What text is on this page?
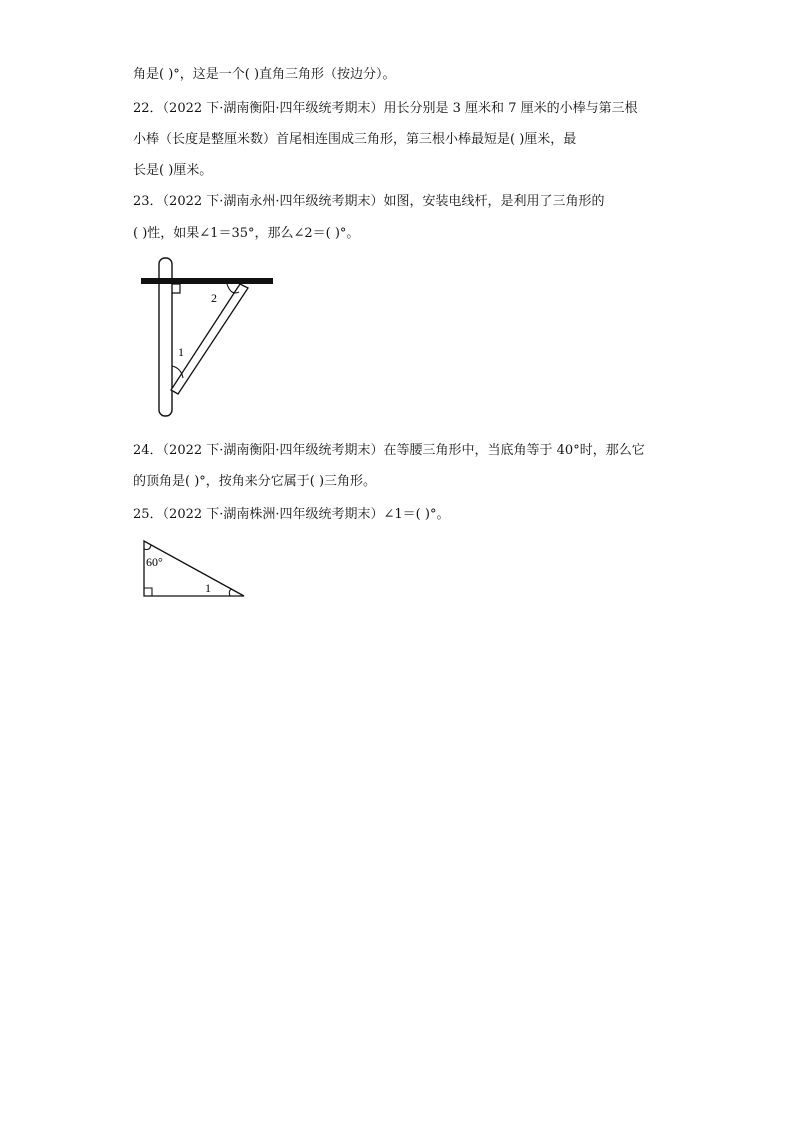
角是( )°，这是一个( )直角三角形（按边分）。
22．（2022 下·湖南衡阳·四年级统考期末）用长分别是 3 厘米和 7 厘米的小棒与第三根
小棒（长度是整厘米数）首尾相连围成三角形，第三根小棒最短是( )厘米，最
长是( )厘米。
23．（2022 下·湖南永州·四年级统考期末）如图，安装电线杆，是利用了三角形的
( )性，如果∠1＝35°，那么∠2＝( )°。
2
1
24．（2022 下·湖南衡阳·四年级统考期末）在等腰三角形中，当底角等于 40°时，那么它
的顶角是( )°，按角来分它属于( )三角形。
25．（2022 下·湖南株洲·四年级统考期末）∠1＝( )°。
60°
1
